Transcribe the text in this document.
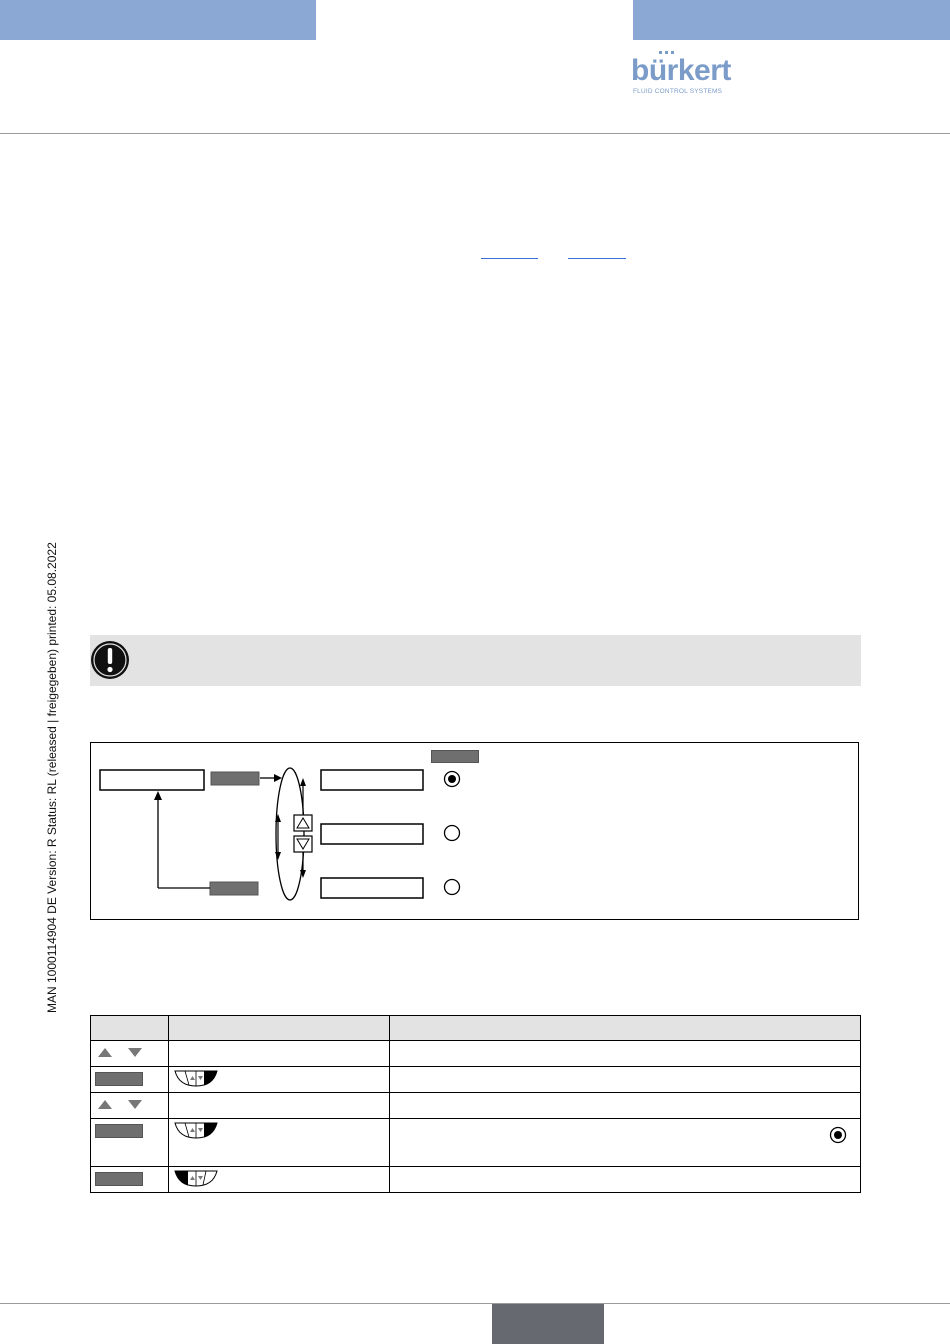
bürkert
FLUID CONTROL SYSTEMS
MAN 1000114904 DE Version: R Status: RL (released | freigegeben) printed: 05.08.2022
